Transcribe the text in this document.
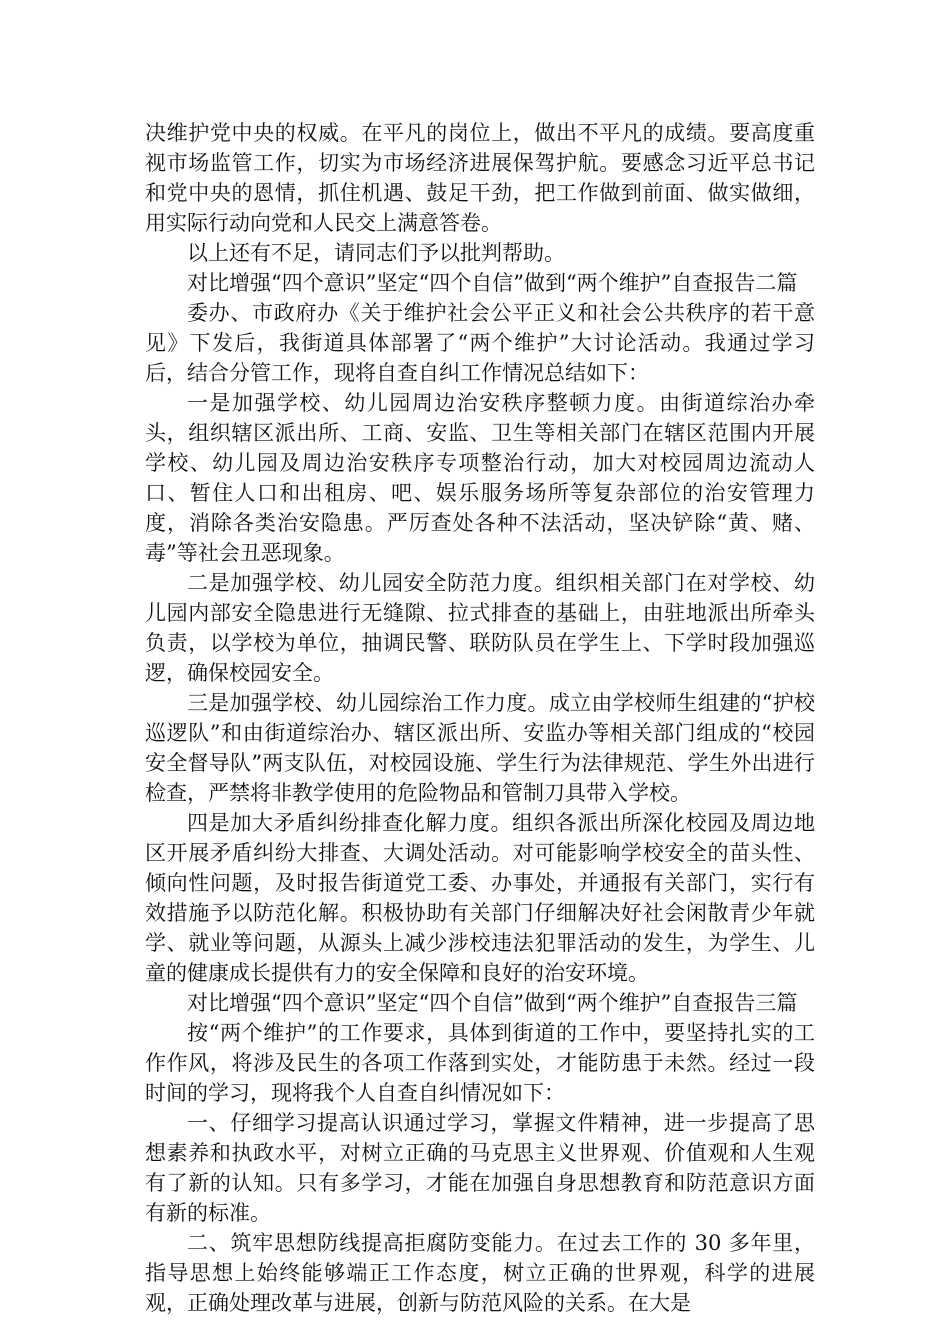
决维护党中央的权威。在平凡的岗位上，做出不平凡的成绩。要高度重视市场监管工作，切实为市场经济进展保驾护航。要感念习近平总书记和党中央的恩情，抓住机遇、鼓足干劲，把工作做到前面、做实做细，用实际行动向党和人民交上满意答卷。

以上还有不足，请同志们予以批判帮助。

对比增强“四个意识”坚定“四个自信”做到“两个维护”自查报告二篇

委办、市政府办《关于维护社会公平正义和社会公共秩序的若干意见》下发后，我街道具体部署了“两个维护”大讨论活动。我通过学习后，结合分管工作，现将自查自纠工作情况总结如下：

一是加强学校、幼儿园周边治安秩序整顿力度。由街道综治办牵头，组织辖区派出所、工商、安监、卫生等相关部门在辖区范围内开展学校、幼儿园及周边治安秩序专项整治行动，加大对校园周边流动人口、暂住人口和出租房、吧、娱乐服务场所等复杂部位的治安管理力度，消除各类治安隐患。严厉查处各种不法活动，坚决铲除“黄、赌、毒”等社会丑恶现象。

二是加强学校、幼儿园安全防范力度。组织相关部门在对学校、幼儿园内部安全隐患进行无缝隙、拉式排查的基础上，由驻地派出所牵头负责，以学校为单位，抽调民警、联防队员在学生上、下学时段加强巡逻，确保校园安全。

三是加强学校、幼儿园综治工作力度。成立由学校师生组建的“护校巡逻队”和由街道综治办、辖区派出所、安监办等相关部门组成的“校园安全督导队”两支队伍，对校园设施、学生行为法律规范、学生外出进行检查，严禁将非教学使用的危险物品和管制刀具带入学校。

四是加大矛盾纠纷排查化解力度。组织各派出所深化校园及周边地区开展矛盾纠纷大排查、大调处活动。对可能影响学校安全的苗头性、倾向性问题，及时报告街道党工委、办事处，并通报有关部门，实行有效措施予以防范化解。积极协助有关部门仔细解决好社会闲散青少年就学、就业等问题，从源头上减少涉校违法犯罪活动的发生，为学生、儿童的健康成长提供有力的安全保障和良好的治安环境。

对比增强“四个意识”坚定“四个自信”做到“两个维护”自查报告三篇

按“两个维护”的工作要求，具体到街道的工作中，要坚持扎实的工作作风，将涉及民生的各项工作落到实处，才能防患于未然。经过一段时间的学习，现将我个人自查自纠情况如下：

一、仔细学习提高认识通过学习，掌握文件精神，进一步提高了思想素养和执政水平，对树立正确的马克思主义世界观、价值观和人生观有了新的认知。只有多学习，才能在加强自身思想教育和防范意识方面有新的标准。

二、筑牢思想防线提高拒腐防变能力。在过去工作的 30 多年里，指导思想上始终能够端正工作态度，树立正确的世界观，科学的进展观，正确处理改革与进展，创新与防范风险的关系。在大是
